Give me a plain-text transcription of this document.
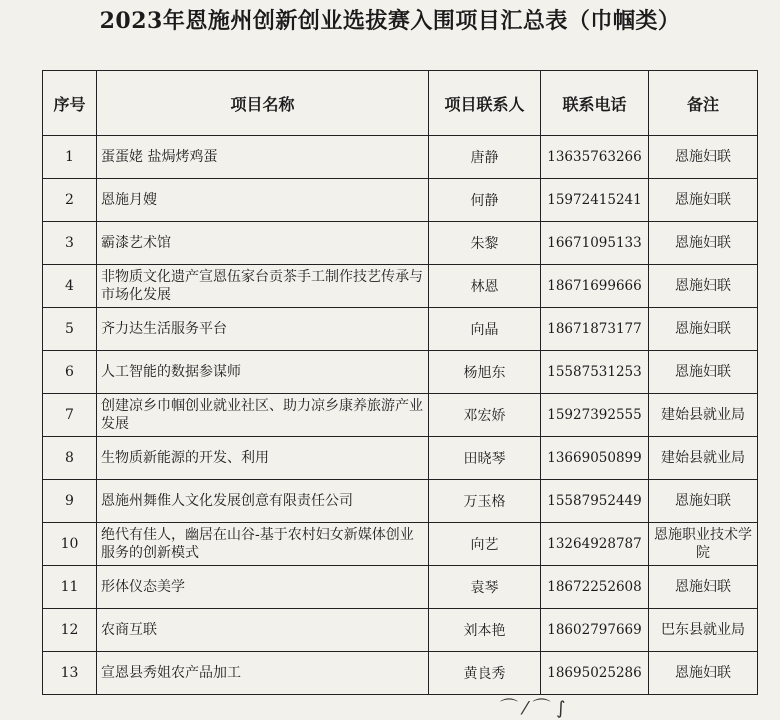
2023年恩施州创新创业选拔赛入围项目汇总表（巾帼类）
序号	项目名称	项目联系人	联系电话	备注
1	蛋蛋姥 盐焗烤鸡蛋	唐静	13635763266	恩施妇联
2	恩施月嫂	何静	15972415241	恩施妇联
3	霸漆艺术馆	朱黎	16671095133	恩施妇联
4	非物质文化遗产宣恩伍家台贡茶手工制作技艺传承与市场化发展	林恩	18671699666	恩施妇联
5	齐力达生活服务平台	向晶	18671873177	恩施妇联
6	人工智能的数据参谋师	杨旭东	15587531253	恩施妇联
7	创建凉乡巾帼创业就业社区、助力凉乡康养旅游产业发展	邓宏娇	15927392555	建始县就业局
8	生物质新能源的开发、利用	田晓琴	13669050899	建始县就业局
9	恩施州舞倠人文化发展创意有限责任公司	万玉格	15587952449	恩施妇联
10	绝代有佳人，幽居在山谷-基于农村妇女新媒体创业服务的创新模式	向艺	13264928787	恩施职业技术学院
11	形体仪态美学	袁琴	18672252608	恩施妇联
12	农商互联	刘本艳	18602797669	巴东县就业局
13	宣恩县秀姐农产品加工	黄良秀	18695025286	恩施妇联
⌒ ⁄ ⌒ ∫
